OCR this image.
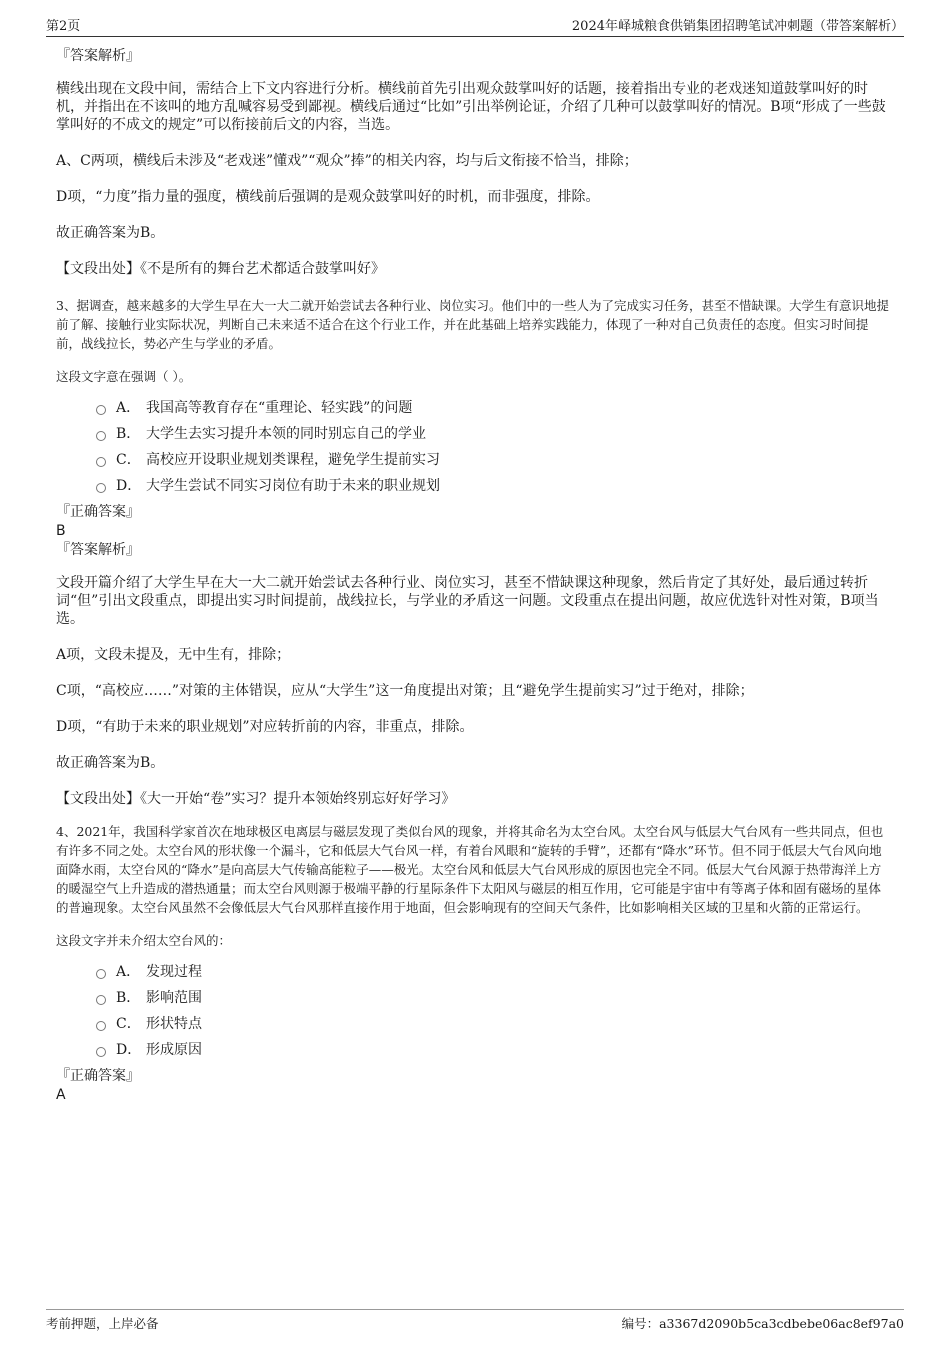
第2页	2024年峄城粮食供销集团招聘笔试冲刺题（带答案解析）

『答案解析』

横线出现在文段中间，需结合上下文内容进行分析。横线前首先引出观众鼓掌叫好的话题，接着指出专业的老戏迷知道鼓掌叫好的时机，并指出在不该叫的地方乱喊容易受到鄙视。横线后通过“比如”引出举例论证，介绍了几种可以鼓掌叫好的情况。B项“形成了一些鼓掌叫好的不成文的规定”可以衔接前后文的内容，当选。

A、C两项，横线后未涉及“老戏迷”懂戏”“观众”捧”的相关内容，均与后文衔接不恰当，排除；

D项，“力度”指力量的强度，横线前后强调的是观众鼓掌叫好的时机，而非强度，排除。

故正确答案为B。

【文段出处】《不是所有的舞台艺术都适合鼓掌叫好》

3、据调查，越来越多的大学生早在大一大二就开始尝试去各种行业、岗位实习。他们中的一些人为了完成实习任务，甚至不惜缺课。大学生有意识地提前了解、接触行业实际状况，判断自己未来适不适合在这个行业工作，并在此基础上培养实践能力，体现了一种对自己负责任的态度。但实习时间提前，战线拉长，势必产生与学业的矛盾。

这段文字意在强调（ ）。

A． 我国高等教育存在“重理论、轻实践”的问题
B． 大学生去实习提升本领的同时别忘自己的学业
C． 高校应开设职业规划类课程，避免学生提前实习
D． 大学生尝试不同实习岗位有助于未来的职业规划

『正确答案』

B

『答案解析』

文段开篇介绍了大学生早在大一大二就开始尝试去各种行业、岗位实习，甚至不惜缺课这种现象，然后肯定了其好处，最后通过转折词“但”引出文段重点，即提出实习时间提前，战线拉长，与学业的矛盾这一问题。文段重点在提出问题，故应优选针对性对策，B项当选。

A项，文段未提及，无中生有，排除；

C项，“高校应……”对策的主体错误，应从“大学生”这一角度提出对策；且“避免学生提前实习”过于绝对，排除；

D项，“有助于未来的职业规划”对应转折前的内容，非重点，排除。

故正确答案为B。

【文段出处】《大一开始“卷”实习？提升本领始终别忘好好学习》

4、2021年，我国科学家首次在地球极区电离层与磁层发现了类似台风的现象，并将其命名为太空台风。太空台风与低层大气台风有一些共同点，但也有许多不同之处。太空台风的形状像一个漏斗，它和低层大气台风一样，有着台风眼和“旋转的手臂”，还都有“降水”环节。但不同于低层大气台风向地面降水雨，太空台风的“降水”是向高层大气传输高能粒子——极光。太空台风和低层大气台风形成的原因也完全不同。低层大气台风源于热带海洋上方的暖湿空气上升造成的潜热通量；而太空台风则源于极端平静的行星际条件下太阳风与磁层的相互作用，它可能是宇宙中有等离子体和固有磁场的星体的普遍现象。太空台风虽然不会像低层大气台风那样直接作用于地面，但会影响现有的空间天气条件，比如影响相关区域的卫星和火箭的正常运行。

这段文字并未介绍太空台风的：

A． 发现过程
B． 影响范围
C． 形状特点
D． 形成原因

『正确答案』

A

考前押题，上岸必备	编号：a3367d2090b5ca3cdbebe06ac8ef97a0
